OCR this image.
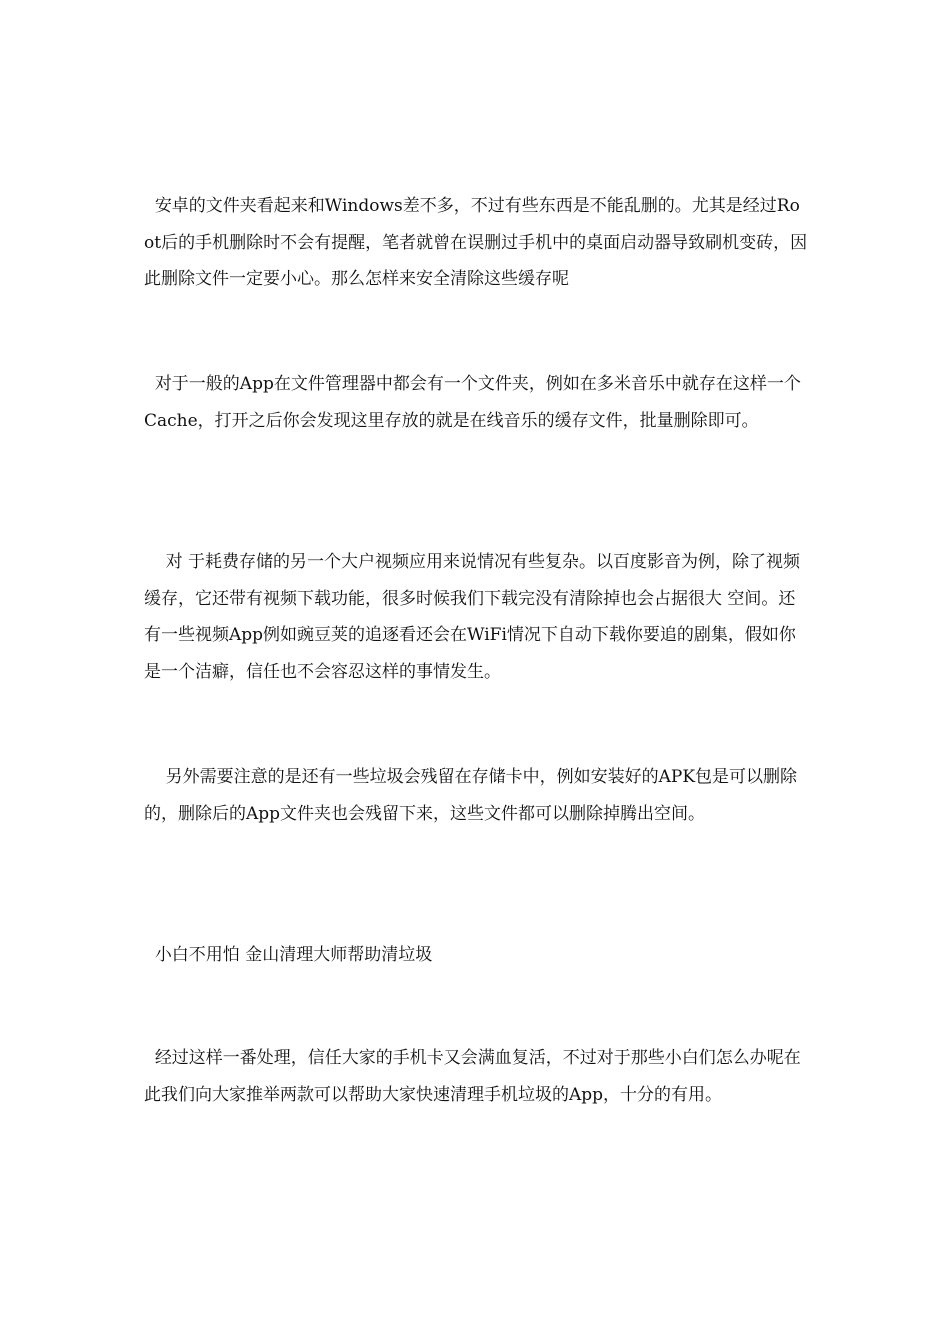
安卓的文件夹看起来和Windows差不多，不过有些东西是不能乱删的。尤其是经过Root后的手机删除时不会有提醒，笔者就曾在误删过手机中的桌面启动器导致刷机变砖，因此删除文件一定要小心。那么怎样来安全清除这些缓存呢

对于一般的App在文件管理器中都会有一个文件夹，例如在多米音乐中就存在这样一个Cache，打开之后你会发现这里存放的就是在线音乐的缓存文件，批量删除即可。

对 于耗费存储的另一个大户视频应用来说情况有些复杂。以百度影音为例，除了视频缓存，它还带有视频下载功能，很多时候我们下载完没有清除掉也会占据很大 空间。还有一些视频App例如豌豆荚的追逐看还会在WiFi情况下自动下载你要追的剧集，假如你是一个洁癖，信任也不会容忍这样的事情发生。

另外需要注意的是还有一些垃圾会残留在存储卡中，例如安装好的APK包是可以删除的，删除后的App文件夹也会残留下来，这些文件都可以删除掉腾出空间。

小白不用怕 金山清理大师帮助清垃圾

经过这样一番处理，信任大家的手机卡又会满血复活，不过对于那些小白们怎么办呢在此我们向大家推举两款可以帮助大家快速清理手机垃圾的App，十分的有用。
